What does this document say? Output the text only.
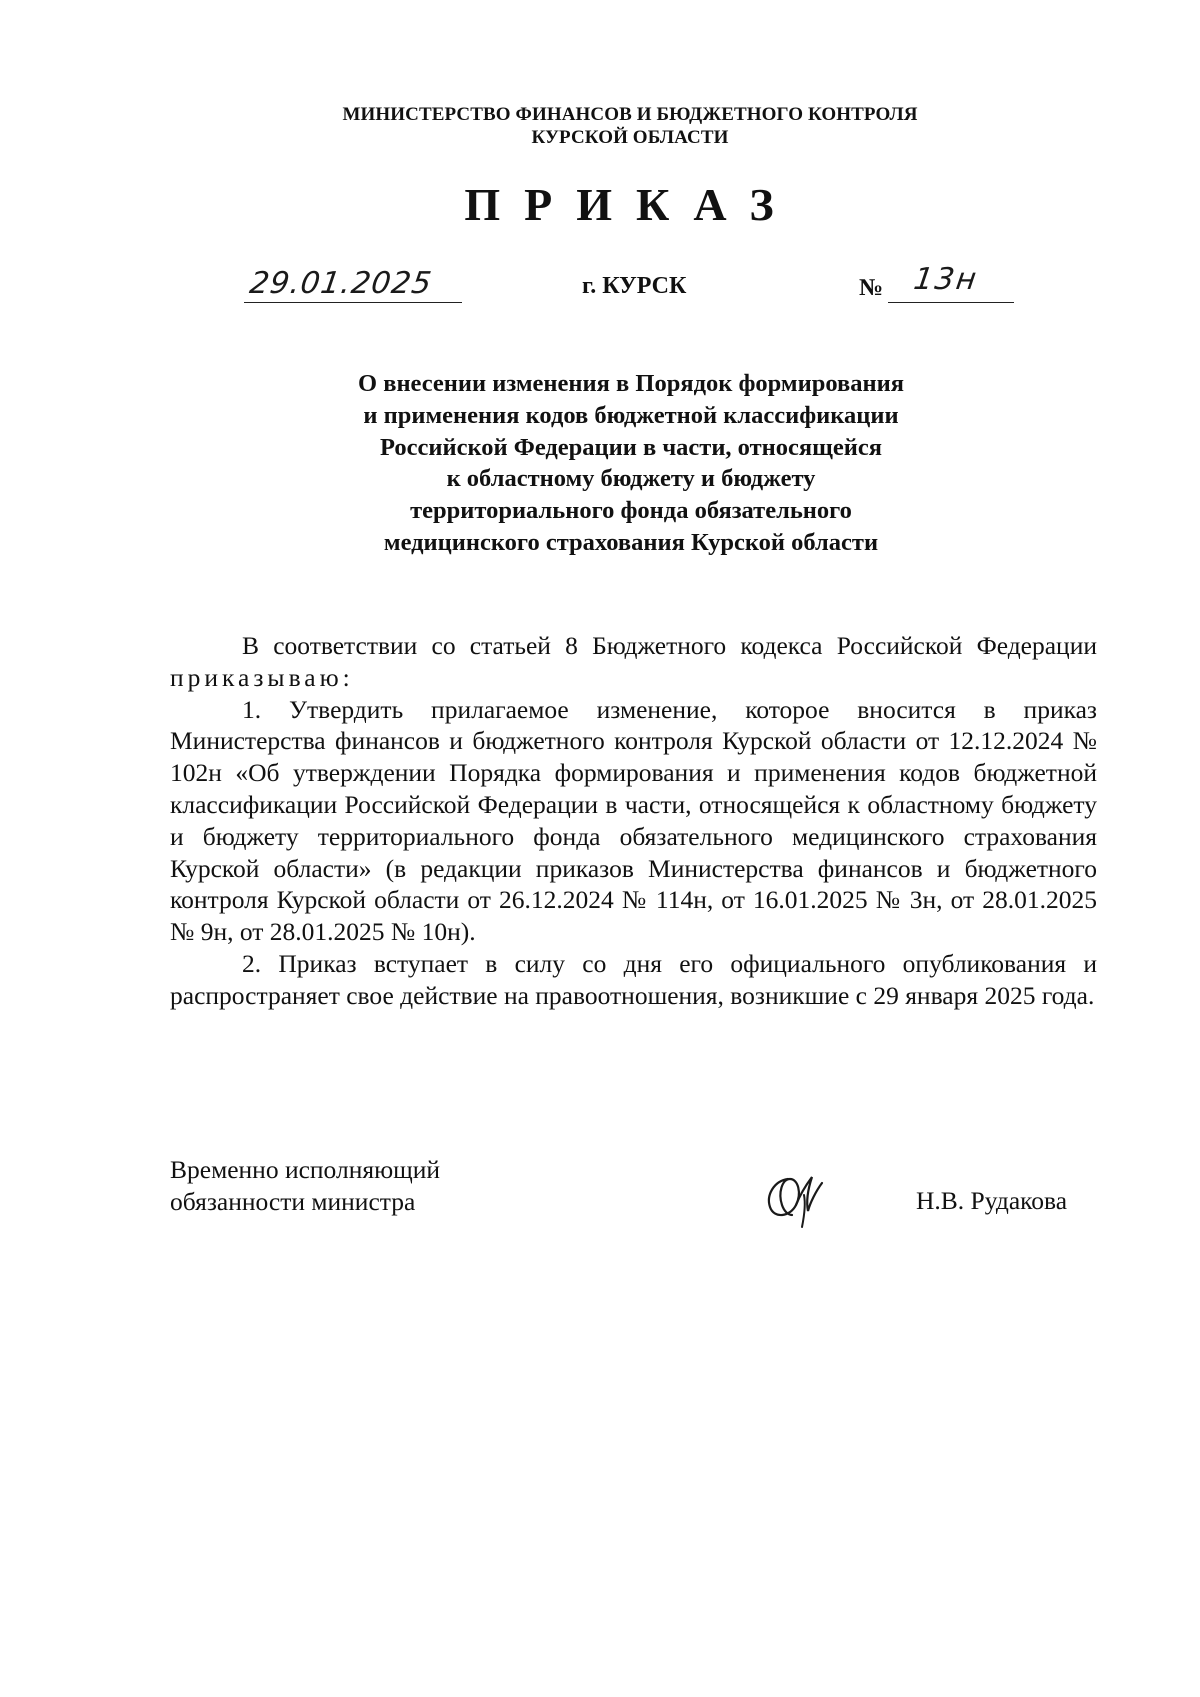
МИНИСТЕРСТВО ФИНАНСОВ И БЮДЖЕТНОГО КОНТРОЛЯ
КУРСКОЙ ОБЛАСТИ
ПРИКАЗ
29.01.2025	г. КУРСК	№ 13н
О внесении изменения в Порядок формирования
и применения кодов бюджетной классификации
Российской Федерации в части, относящейся
к областному бюджету и бюджету
территориального фонда обязательного
медицинского страхования Курской области

В соответствии со статьей 8 Бюджетного кодекса Российской Федерации приказываю:

1. Утвердить прилагаемое изменение, которое вносится в приказ Министерства финансов и бюджетного контроля Курской области от 12.12.2024 № 102н «Об утверждении Порядка формирования и применения кодов бюджетной классификации Российской Федерации в части, относящейся к областному бюджету и бюджету территориального фонда обязательного медицинского страхования Курской области» (в редакции приказов Министерства финансов и бюджетного контроля Курской области от 26.12.2024 № 114н, от 16.01.2025 № 3н, от 28.01.2025 № 9н, от 28.01.2025 № 10н).

2. Приказ вступает в силу со дня его официального опубликования и распространяет свое действие на правоотношения, возникшие с 29 января 2025 года.

Временно исполняющий
обязанности министра	Н.В. Рудакова
